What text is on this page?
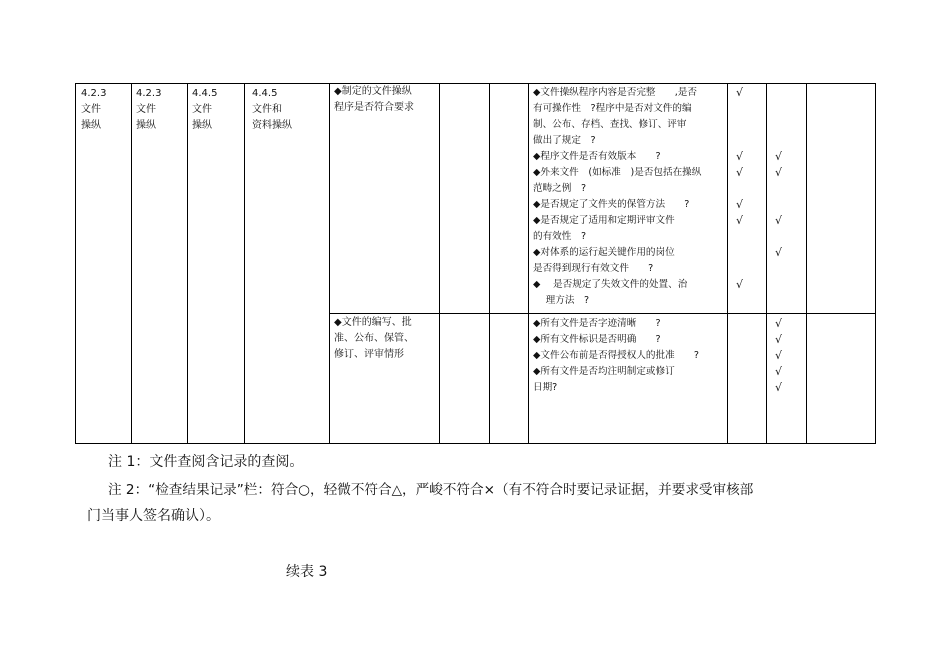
4.2.3
文件
操纵
4.2.3
文件
操纵
4.4.5
文件
操纵
4.4.5
文件和
资料操纵
◆制定的文件操纵
程序是否符合要求
◆文件操纵程序内容是否完整　　,是否
有可操作性　?程序中是否对文件的编
制、公布、存档、查找、修订、评审
做出了规定　?
◆程序文件是否有效版本　　?
◆外来文件　(如标准　)是否包括在操纵
范畴之例　?
◆是否规定了文件夹的保管方法　　?
◆是否规定了适用和定期评审文件
的有效性　?
◆对体系的运行起关键作用的岗位
是否得到现行有效文件　　?
◆　 是否规定了失效文件的处置、治
　 理方法　?
√

√
√

√
√

√

√
√

√

√

◆文件的编写、批
准、公布、保管、
修订、评审情形
◆所有文件是否字迹清晰　　?
◆所有文件标识是否明确　　?
◆文件公布前是否得授权人的批准　　?
◆所有文件是否均注明制定或修订
日期?
√
√
√
√
√
注 1：文件查阅含记录的查阅。
注 2：“检查结果记录”栏：符合○，轻微不符合△，严峻不符合×（有不符合时要记录证据，并要求受审核部
门当事人签名确认）。
续表 3
